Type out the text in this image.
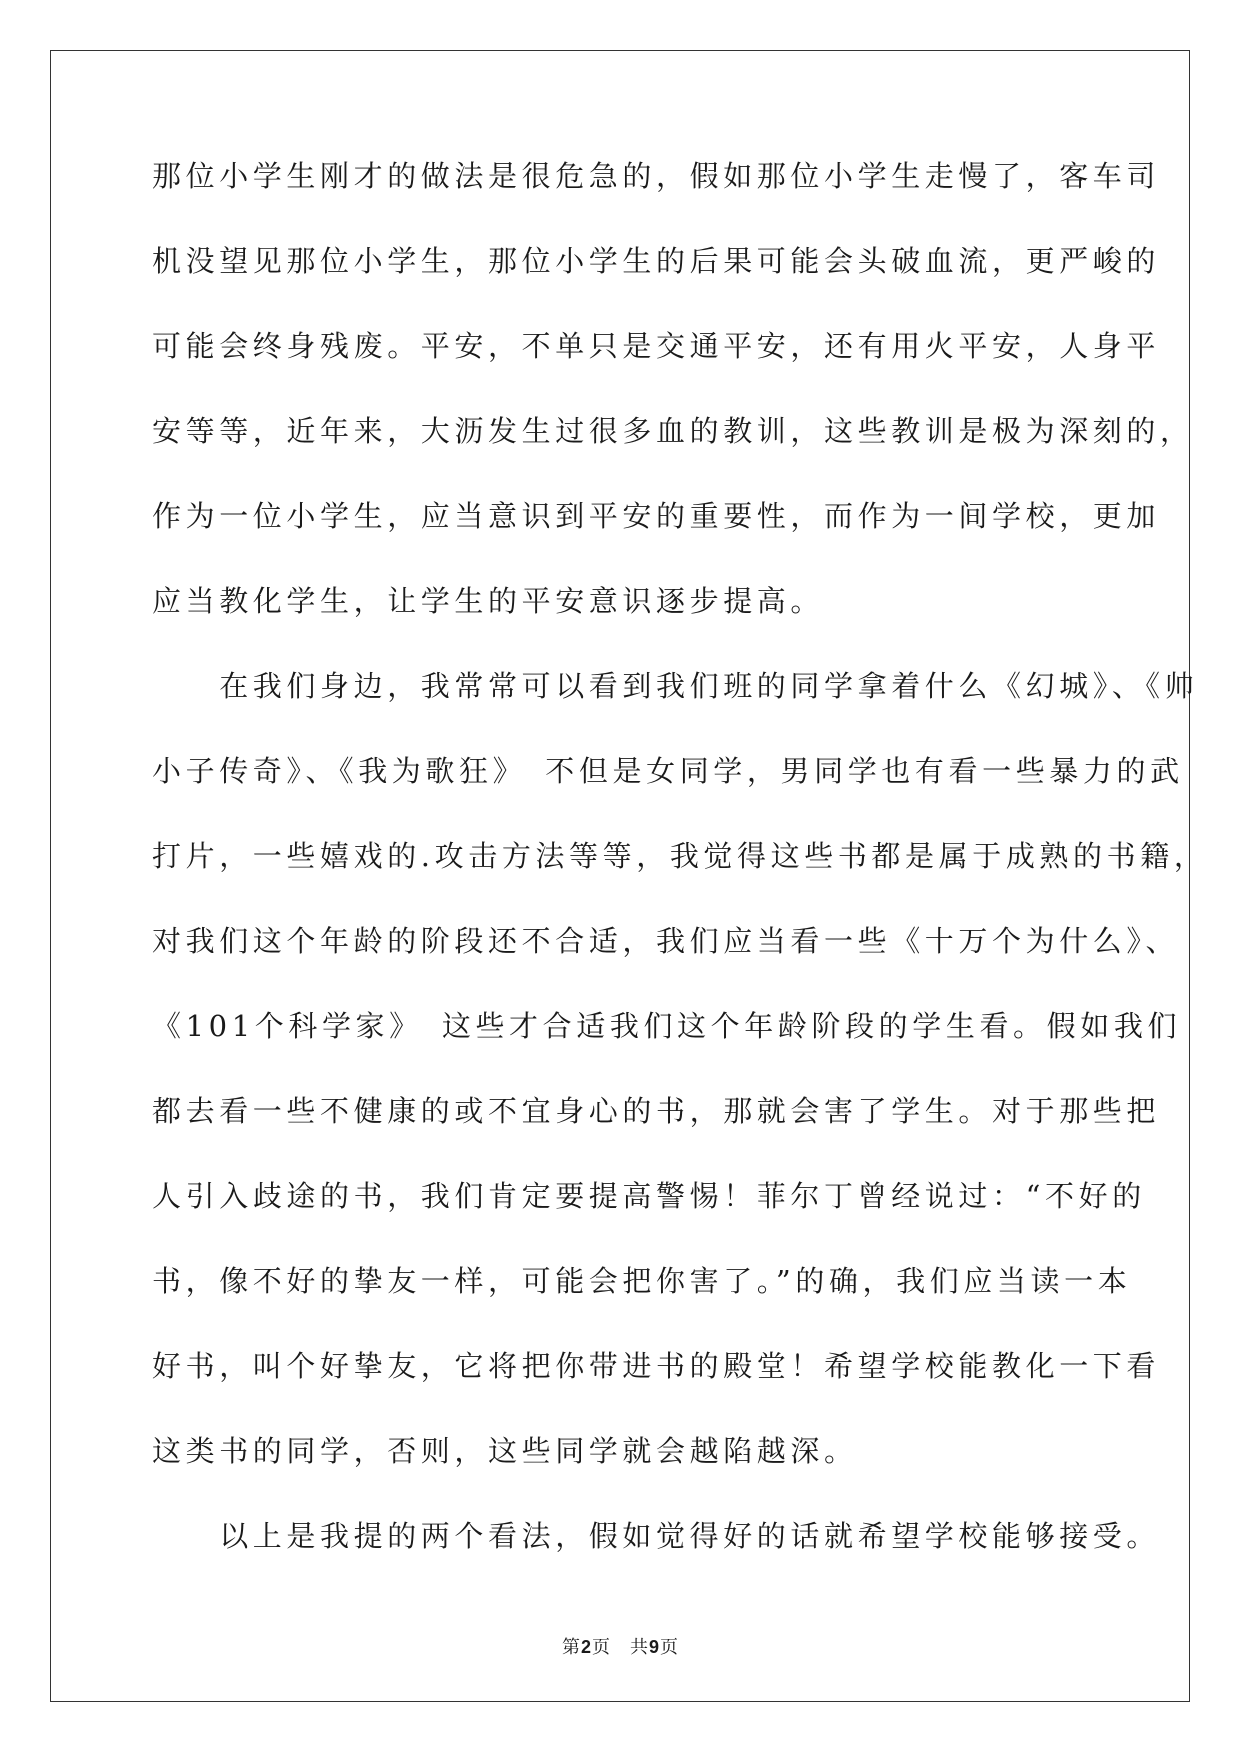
那位小学生刚才的做法是很危急的，假如那位小学生走慢了，客车司
机没望见那位小学生，那位小学生的后果可能会头破血流，更严峻的
可能会终身残废。平安，不单只是交通平安，还有用火平安，人身平
安等等，近年来，大沥发生过很多血的教训，这些教训是极为深刻的，
作为一位小学生，应当意识到平安的重要性，而作为一间学校，更加
应当教化学生，让学生的平安意识逐步提高。
　　在我们身边，我常常可以看到我们班的同学拿着什么《幻城》、《帅
小子传奇》、《我为歌狂》　不但是女同学，男同学也有看一些暴力的武
打片，一些嬉戏的.攻击方法等等，我觉得这些书都是属于成熟的书籍，
对我们这个年龄的阶段还不合适，我们应当看一些《十万个为什么》、
《101个科学家》　这些才合适我们这个年龄阶段的学生看。假如我们
都去看一些不健康的或不宜身心的书，那就会害了学生。对于那些把
人引入歧途的书，我们肯定要提高警惕！菲尔丁曾经说过：“不好的
书，像不好的挚友一样，可能会把你害了。”的确，我们应当读一本
好书，叫个好挚友，它将把你带进书的殿堂！希望学校能教化一下看
这类书的同学，否则，这些同学就会越陷越深。
　　以上是我提的两个看法，假如觉得好的话就希望学校能够接受。
第2页　 共9页
